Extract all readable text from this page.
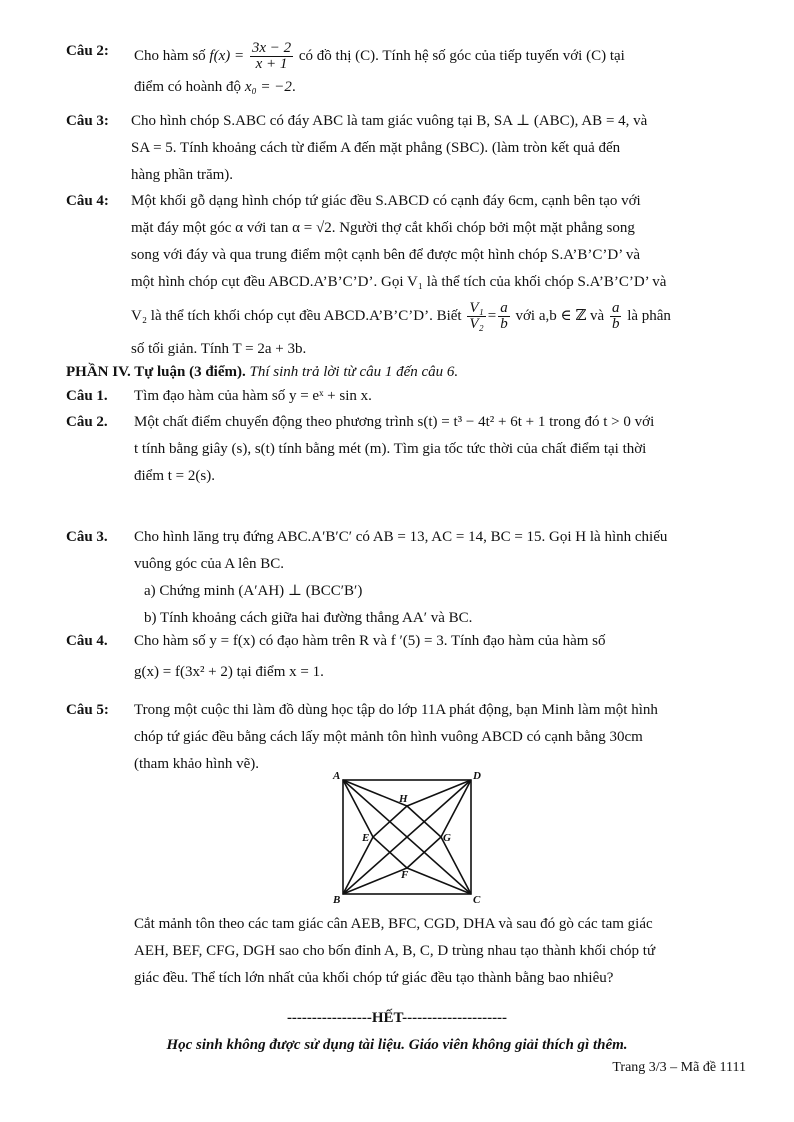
Câu 2: Cho hàm số $f(x) = \frac{3x - 2}{x + 1}$ có đồ thị (C). Tính hệ số góc của tiếp tuyến với (C) tại
điểm có hoành độ x₀ = −2.
Câu 3: Cho hình chóp S.ABC có đáy ABC là tam giác vuông tại B, SA ⊥ (ABC), AB = 4, và
SA = 5. Tính khoảng cách từ điểm A đến mặt phẳng (SBC). (làm tròn kết quả đến
hàng phần trăm).
Câu 4: Một khối gỗ dạng hình chóp tứ giác đều S.ABCD có cạnh đáy 6cm, cạnh bên tạo với
mặt đáy một góc α với tan α = √2. Người thợ cắt khối chóp bởi một mặt phẳng song
song với đáy và qua trung điểm một cạnh bên để được một hình chóp S.A’B’C’D’ và
một hình chóp cụt đều ABCD.A’B’C’D’. Gọi V₁ là thể tích của khối chóp S.A’B’C’D’ và
V₂ là thể tích khối chóp cụt đều ABCD.A’B’C’D’. Biết $\frac{\text{V₁}}{\text{V₂}} = \frac{a}{b}$ với a,b ∈ ℤ và $\frac{a}{b}$ là phân
số tối giản. Tính T = 2a + 3b.
PHẦN IV. Tự luận (3 điểm). Thí sinh trả lời từ câu 1 đến câu 6.
Câu 1. Tìm đạo hàm của hàm số y = eˣ + sin x.
Câu 2. Một chất điểm chuyển động theo phương trình s(t) = t³ − 4t² + 6t + 1 trong đó t > 0 với
t tính bằng giây (s), s(t) tính bằng mét (m). Tìm gia tốc tức thời của chất điểm tại thời
điểm t = 2(s).
Câu 3. Cho hình lăng trụ đứng ABC.A′B′C′ có AB = 13, AC = 14, BC = 15. Gọi H là hình chiếu
vuông góc của A lên BC.
a) Chứng minh (A′AH) ⊥ (BCC′B′)
b) Tính khoảng cách giữa hai đường thẳng AA′ và BC.
Câu 4. Cho hàm số y = f(x) có đạo hàm trên R và f ′(5) = 3. Tính đạo hàm của hàm số
g(x) = f(3x² + 2) tại điểm x = 1.
Câu 5: Trong một cuộc thi làm đồ dùng học tập do lớp 11A phát động, bạn Minh làm một hình
chóp tứ giác đều bằng cách lấy một mảnh tôn hình vuông ABCD có cạnh bằng 30cm
(tham khảo hình vẽ).
A	D
B	C
H
E	G
F
Cắt mảnh tôn theo các tam giác cân AEB, BFC, CGD, DHA và sau đó gò các tam giác
AEH, BEF, CFG, DGH sao cho bốn đỉnh A, B, C, D trùng nhau tạo thành khối chóp tứ
giác đều. Thể tích lớn nhất của khối chóp tứ giác đều tạo thành bằng bao nhiêu?
-----------------HẾT---------------------
Học sinh không được sử dụng tài liệu. Giáo viên không giải thích gì thêm.
Trang 3/3 – Mã đề 1111
